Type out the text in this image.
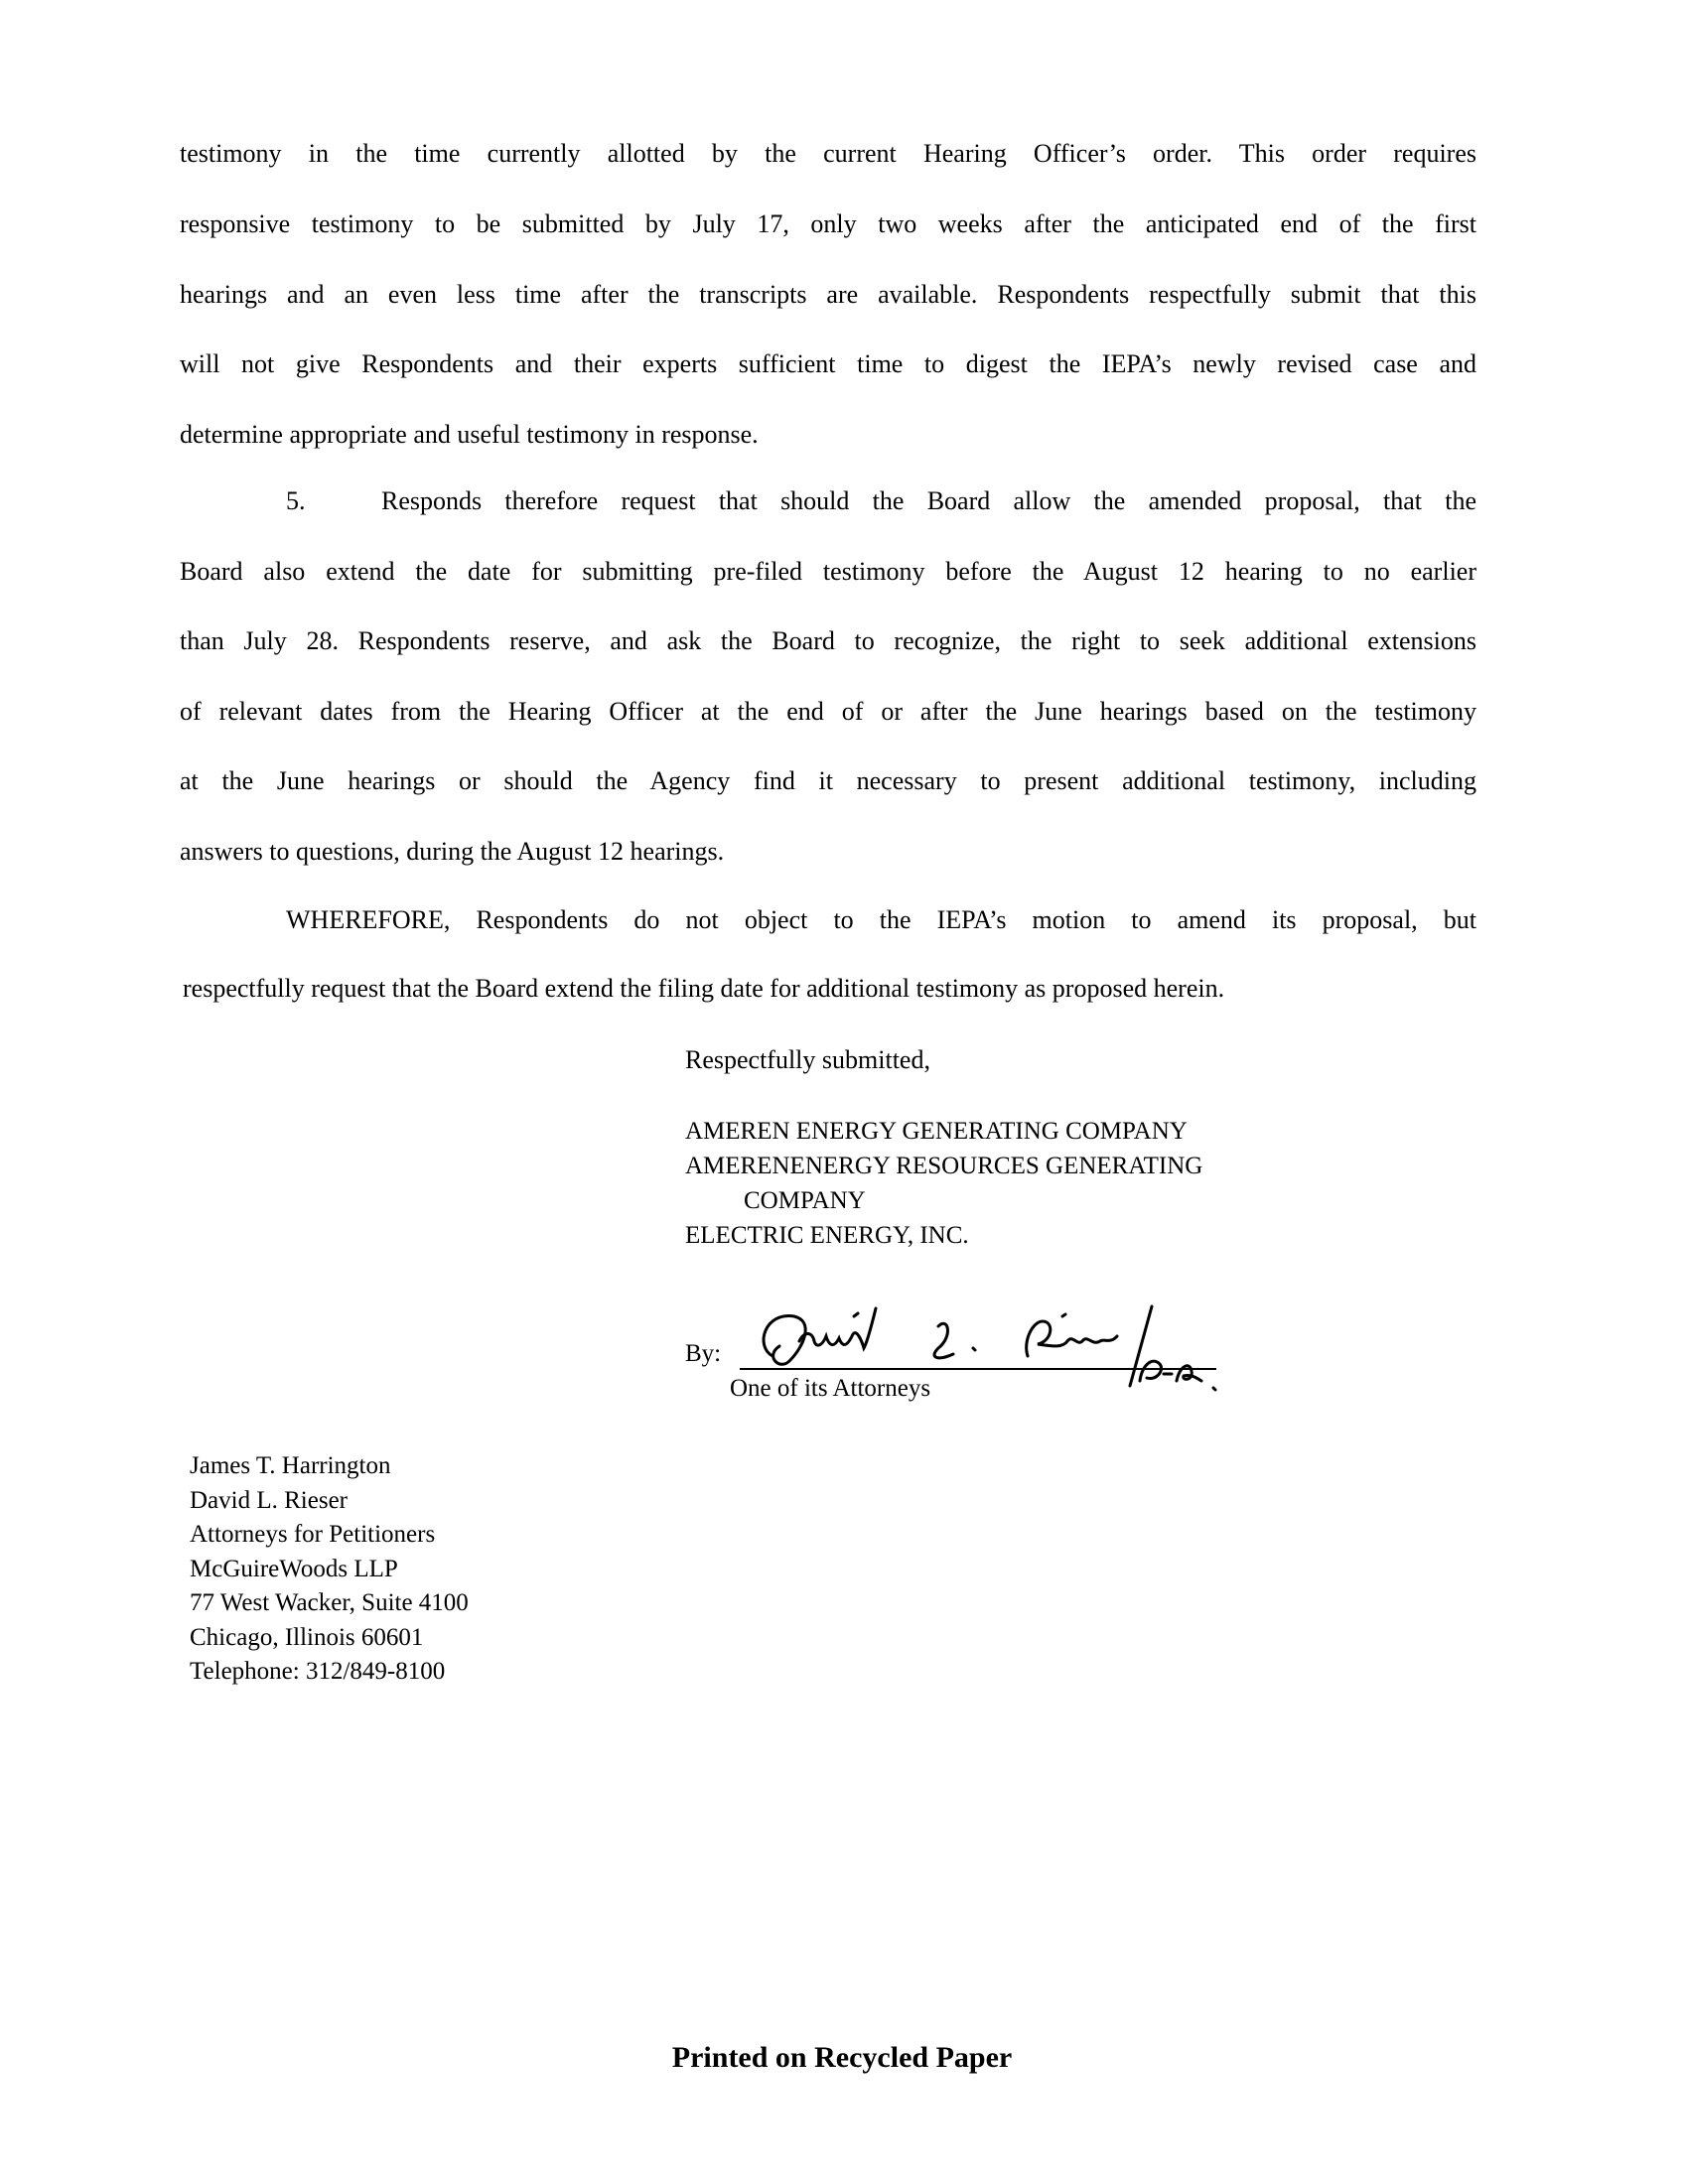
testimony in the time currently allotted by the current Hearing Officer’s order. This order requires
responsive testimony to be submitted by July 17, only two weeks after the anticipated end of the first
hearings and an even less time after the transcripts are available. Respondents respectfully submit that this
will not give Respondents and their experts sufficient time to digest the IEPA’s newly revised case and
determine appropriate and useful testimony in response.
5.	Responds therefore request that should the Board allow the amended proposal, that the
Board also extend the date for submitting pre-filed testimony before the August 12 hearing to no earlier
than July 28. Respondents reserve, and ask the Board to recognize, the right to seek additional extensions
of relevant dates from the Hearing Officer at the end of or after the June hearings based on the testimony
at the June hearings or should the Agency find it necessary to present additional testimony, including
answers to questions, during the August 12 hearings.
WHEREFORE, Respondents do not object to the IEPA’s motion to amend its proposal, but
respectfully request that the Board extend the filing date for additional testimony as proposed herein.
Respectfully submitted,
AMEREN ENERGY GENERATING COMPANY
AMERENENERGY RESOURCES GENERATING
COMPANY
ELECTRIC ENERGY, INC.
By:
One of its Attorneys
James T. Harrington
David L. Rieser
Attorneys for Petitioners
McGuireWoods LLP
77 West Wacker, Suite 4100
Chicago, Illinois 60601
Telephone: 312/849-8100
Printed on Recycled Paper
